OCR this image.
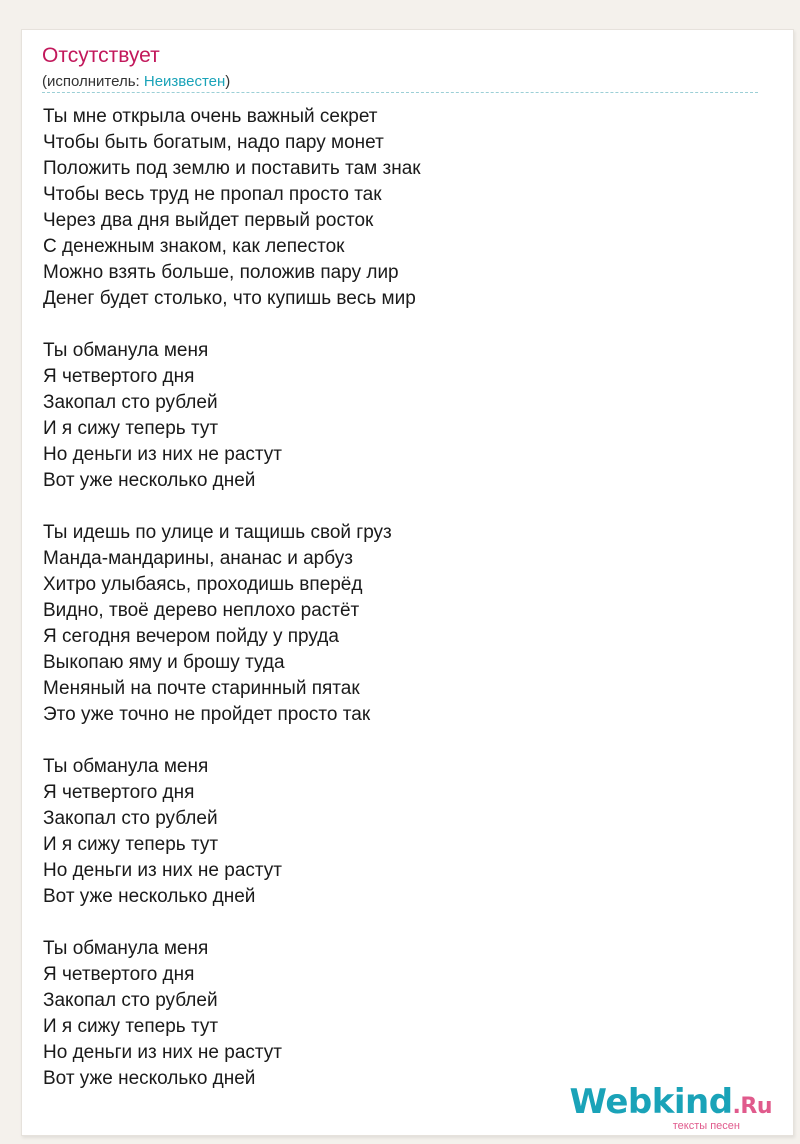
Отсутствует
(исполнитель: Неизвестен)
Ты мне открыла очень важный секрет
Чтобы быть богатым, надо пару монет
Положить под землю и поставить там знак
Чтобы весь труд не пропал просто так
Через два дня выйдет первый росток
С денежным знаком, как лепесток
Можно взять больше, положив пару лир
Денег будет столько, что купишь весь мир
Ты обманула меня
Я четвертого дня
Закопал сто рублей
И я сижу теперь тут
Но деньги из них не растут
Вот уже несколько дней
Ты идешь по улице и тащишь свой груз
Манда-мандарины, ананас и арбуз
Хитро улыбаясь, проходишь вперёд
Видно, твоё дерево неплохо растёт
Я сегодня вечером пойду у пруда
Выкопаю яму и брошу туда
Меняный на почте старинный пятак
Это уже точно не пройдет просто так
Ты обманула меня
Я четвертого дня
Закопал сто рублей
И я сижу теперь тут
Но деньги из них не растут
Вот уже несколько дней
Ты обманула меня
Я четвертого дня
Закопал сто рублей
И я сижу теперь тут
Но деньги из них не растут
Вот уже несколько дней
Webkind.Ru
тексты песен
